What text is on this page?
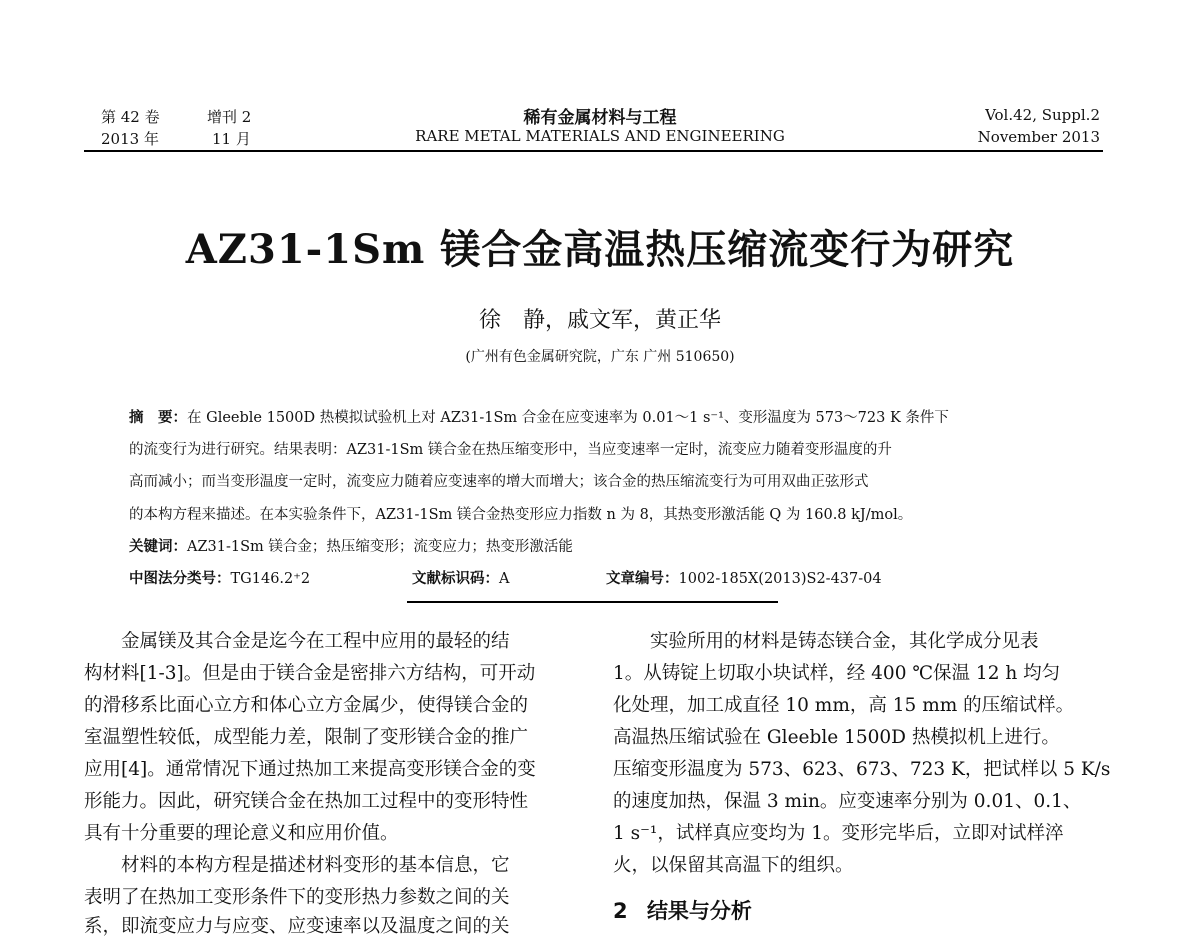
第 42 卷	增刊 2
2013 年	11 月
稀有金属材料与工程
RARE METAL MATERIALS AND ENGINEERING
Vol.42, Suppl.2
November 2013
AZ31-1Sm 镁合金高温热压缩流变行为研究
徐　静，戚文军，黄正华
(广州有色金属研究院，广东 广州 510650)
摘　要：在 Gleeble 1500D 热模拟试验机上对 AZ31-1Sm 合金在应变速率为 0.01～1 s⁻¹、变形温度为 573～723 K 条件下
的流变行为进行研究。结果表明：AZ31-1Sm 镁合金在热压缩变形中，当应变速率一定时，流变应力随着变形温度的升
高而减小；而当变形温度一定时，流变应力随着应变速率的增大而增大；该合金的热压缩流变行为可用双曲正弦形式
的本构方程来描述。在本实验条件下，AZ31-1Sm 镁合金热变形应力指数 n 为 8，其热变形激活能 Q 为 160.8 kJ/mol。
关键词：AZ31-1Sm 镁合金；热压缩变形；流变应力；热变形激活能
中图法分类号：TG146.2⁺2	文献标识码：A	文章编号：1002-185X(2013)S2-437-04
　　金属镁及其合金是迄今在工程中应用的最轻的结
构材料[1-3]。但是由于镁合金是密排六方结构，可开动
的滑移系比面心立方和体心立方金属少，使得镁合金的
室温塑性较低，成型能力差，限制了变形镁合金的推广
应用[4]。通常情况下通过热加工来提高变形镁合金的变
形能力。因此，研究镁合金在热加工过程中的变形特性
具有十分重要的理论意义和应用价值。
　　材料的本构方程是描述材料变形的基本信息，它
表明了在热加工变形条件下的变形热力参数之间的关
系，即流变应力与应变、应变速率以及温度之间的关
　　实验所用的材料是铸态镁合金，其化学成分见表
1。从铸锭上切取小块试样，经 400 ℃保温 12 h 均匀
化处理，加工成直径 10 mm，高 15 mm 的压缩试样。
高温热压缩试验在 Gleeble 1500D 热模拟机上进行。
压缩变形温度为 573、623、673、723 K，把试样以 5 K/s
的速度加热，保温 3 min。应变速率分别为 0.01、0.1、
1 s⁻¹，试样真应变均为 1。变形完毕后，立即对试样淬
火，以保留其高温下的组织。
2 结果与分析
